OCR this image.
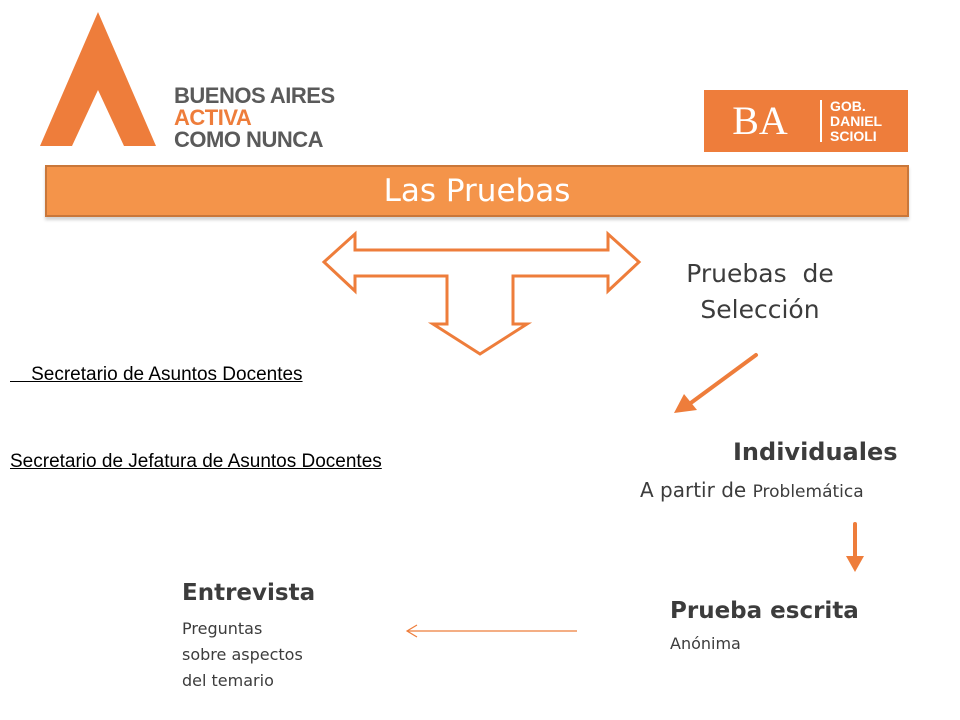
BUENOS AIRES
ACTIVA
COMO NUNCA	BA	GOB.
DANIEL
SCIOLI
Las Pruebas
Pruebas  de
Selección
Secretario de Asuntos Docentes
Secretario de Jefatura de Asuntos Docentes	Individuales
A partir de Problemática
Entrevista
Preguntas
sobre aspectos
del temario
Prueba escrita
Anónima
